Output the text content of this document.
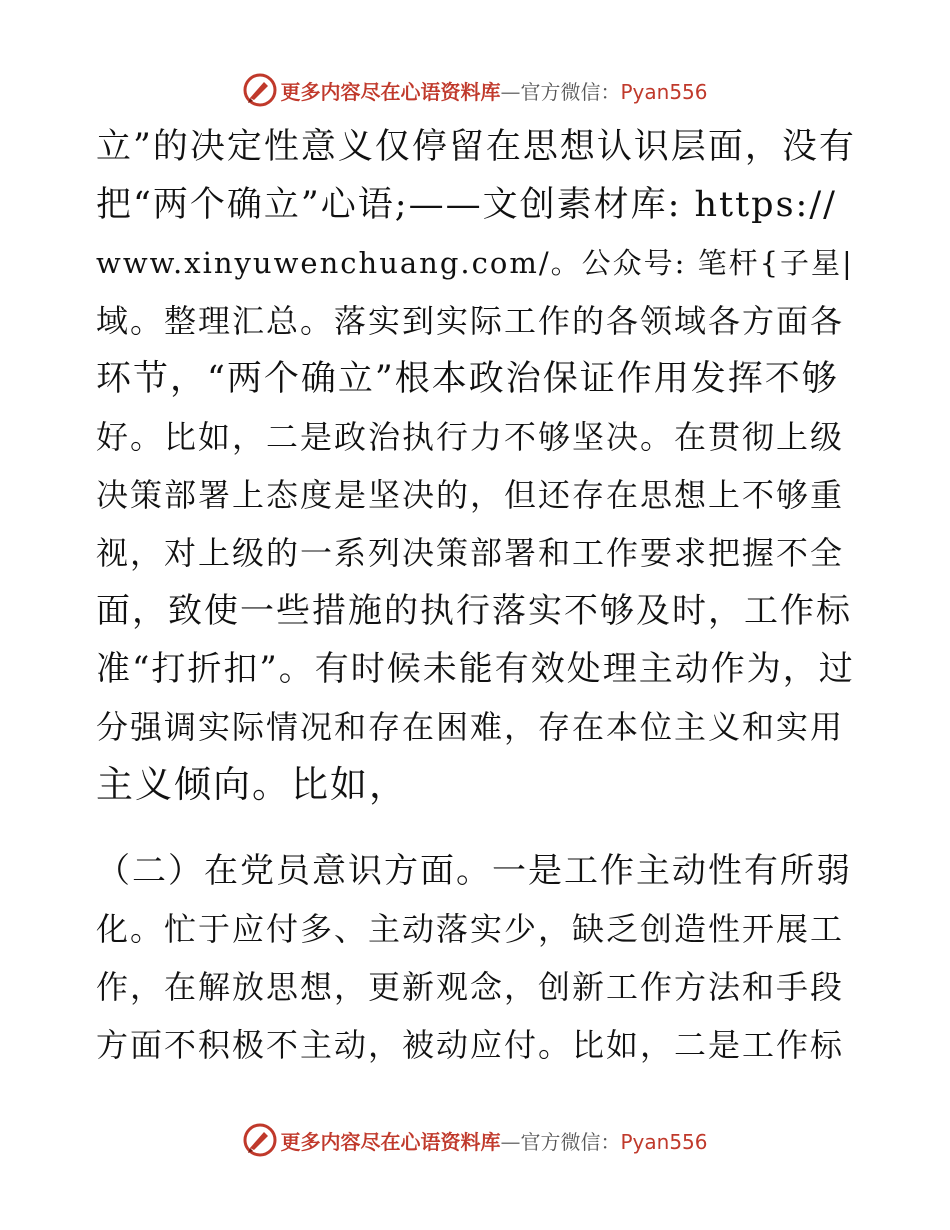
更多内容尽在心语资料库—官方微信：Pyan556
立”的决定性意义仅停留在思想认识层面，没有
把“两个确立”心语;——文创素材库: https://
www.xinyuwenchuang.com/。公众号: 笔杆{子星|
域。整理汇总。落实到实际工作的各领域各方面各
环节，“两个确立”根本政治保证作用发挥不够
好。比如，二是政治执行力不够坚决。在贯彻上级
决策部署上态度是坚决的，但还存在思想上不够重
视，对上级的一系列决策部署和工作要求把握不全
面，致使一些措施的执行落实不够及时，工作标
准“打折扣”。有时候未能有效处理主动作为，过
分强调实际情况和存在困难，存在本位主义和实用
主义倾向。比如，
（二）在党员意识方面。一是工作主动性有所弱
化。忙于应付多、主动落实少，缺乏创造性开展工
作，在解放思想，更新观念，创新工作方法和手段
方面不积极不主动，被动应付。比如，二是工作标
更多内容尽在心语资料库—官方微信：Pyan556
